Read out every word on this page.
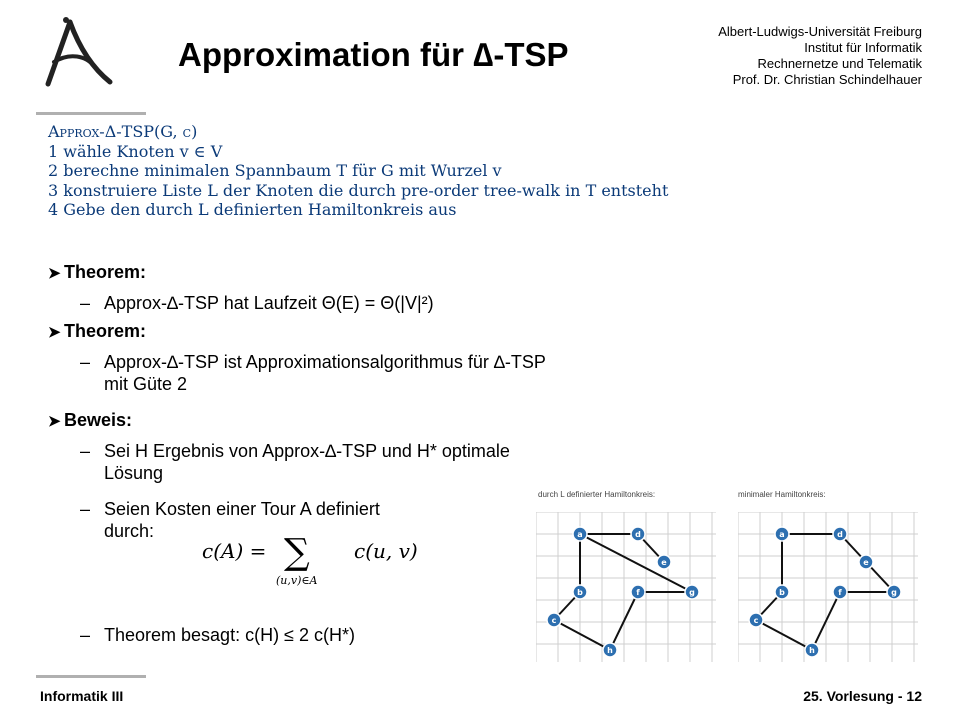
Approximation für ∆-TSP
Albert-Ludwigs-Universität Freiburg
Institut für Informatik
Rechnernetze und Telematik
Prof. Dr. Christian Schindelhauer
Approx-Δ-TSP(G, c)
1 wähle Knoten v ∈ V
2 berechne minimalen Spannbaum T für G mit Wurzel v
3 konstruiere Liste L der Knoten die durch pre-order tree-walk in T entsteht
4 Gebe den durch L definierten Hamiltonkreis aus
➤ Theorem:
– Approx-∆-TSP hat Laufzeit Θ(E) = Θ(|V|²)
➤ Theorem:
– Approx-∆-TSP ist Approximationsalgorithmus für ∆-TSP
mit Güte 2
➤ Beweis:
– Sei H Ergebnis von Approx-∆-TSP und H* optimale
Lösung
– Seien Kosten einer Tour A definiert
durch:
c(A) = ∑
(u,v)∈A
c(u, v)
– Theorem besagt: c(H) ≤ 2 c(H*)
durch L definierter Hamiltonkreis:	minimaler Hamiltonkreis:
a
b
c
d
e
f	g
h
a
b
c
d
e
f	g
h
Informatik III	25. Vorlesung - 12
